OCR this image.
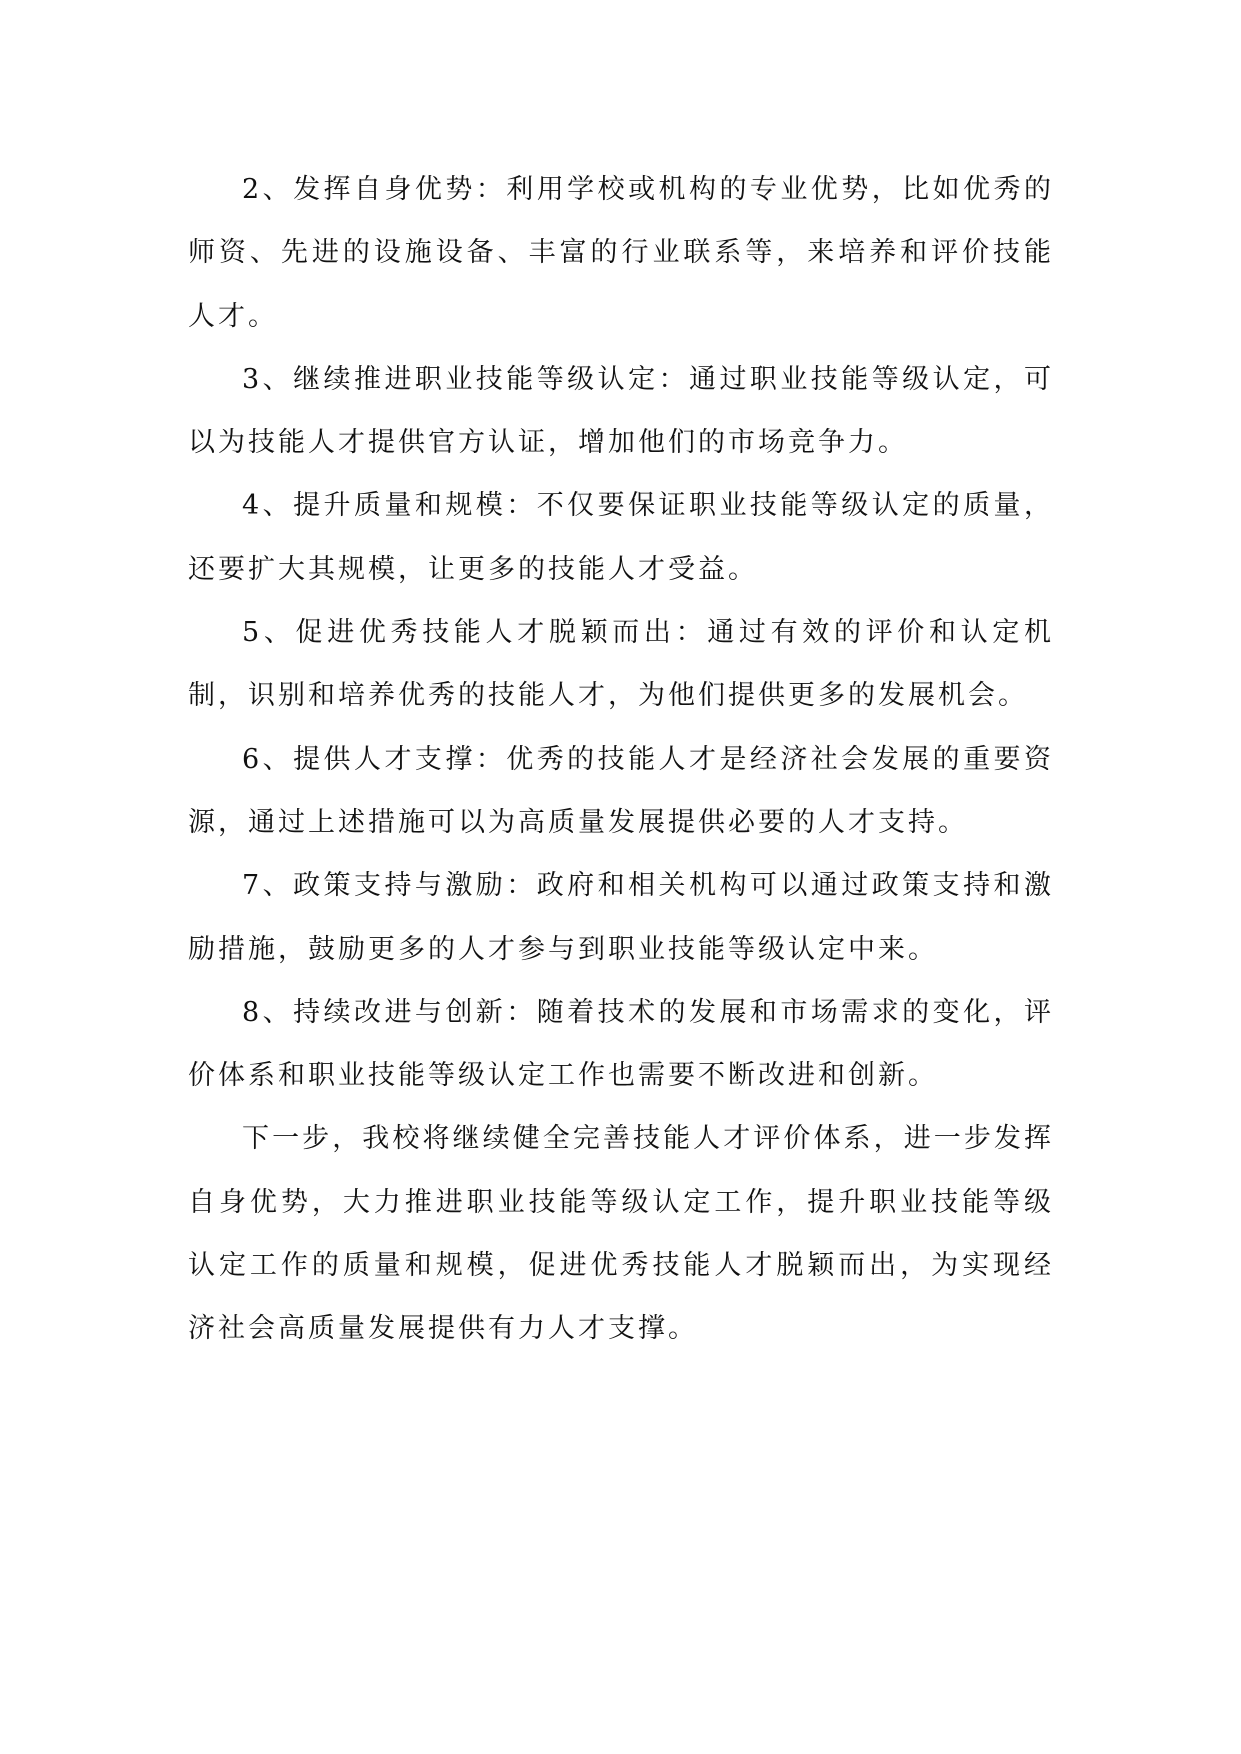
2、发挥自身优势：利用学校或机构的专业优势，比如优秀的师资、先进的设施设备、丰富的行业联系等，来培养和评价技能人才。

3、继续推进职业技能等级认定：通过职业技能等级认定，可以为技能人才提供官方认证，增加他们的市场竞争力。

4、提升质量和规模：不仅要保证职业技能等级认定的质量，还要扩大其规模，让更多的技能人才受益。

5、促进优秀技能人才脱颖而出：通过有效的评价和认定机制，识别和培养优秀的技能人才，为他们提供更多的发展机会。

6、提供人才支撑：优秀的技能人才是经济社会发展的重要资源，通过上述措施可以为高质量发展提供必要的人才支持。

7、政策支持与激励：政府和相关机构可以通过政策支持和激励措施，鼓励更多的人才参与到职业技能等级认定中来。

8、持续改进与创新：随着技术的发展和市场需求的变化，评价体系和职业技能等级认定工作也需要不断改进和创新。

下一步，我校将继续健全完善技能人才评价体系，进一步发挥自身优势，大力推进职业技能等级认定工作，提升职业技能等级认定工作的质量和规模，促进优秀技能人才脱颖而出，为实现经济社会高质量发展提供有力人才支撑。
